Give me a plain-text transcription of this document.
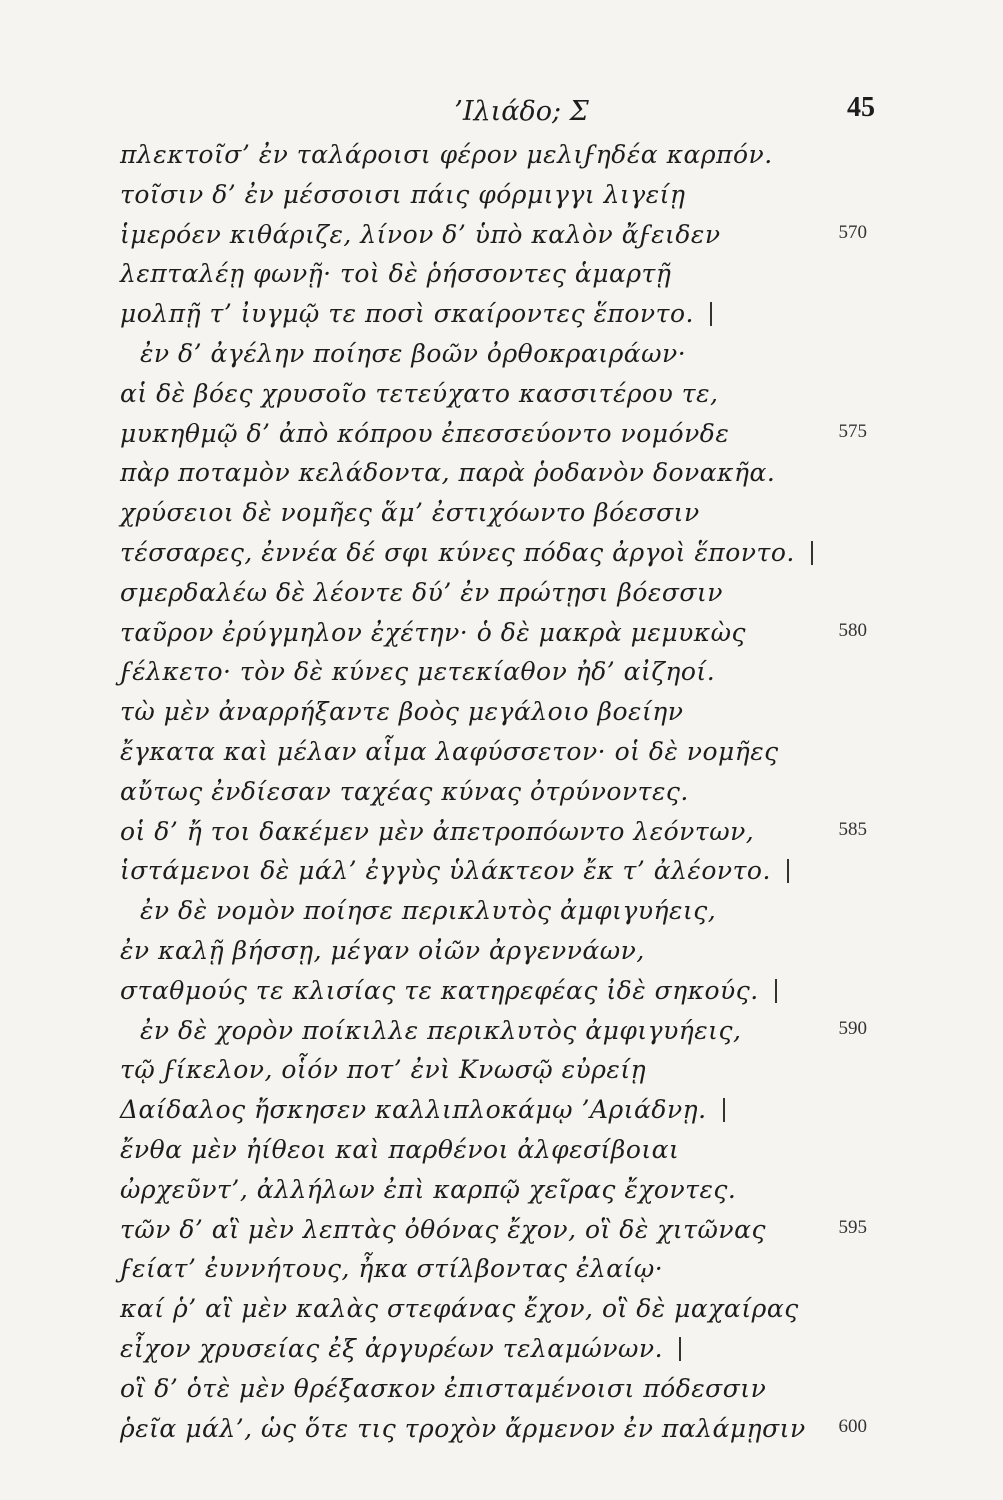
’Ιλιάδο; Σ	45
πλεκτοῖσ’ ἐν ταλάροισι φέρον μελιϝηδέα καρπόν.
τοῖσιν δ’ ἐν μέσσοισι πάις φόρμιγγι λιγείῃ
ἱμερόεν κιθάριζε, λίνον δ’ ὑπὸ καλὸν ἄϝειδεν	570
λεπταλέῃ φωνῇ· τοὶ δὲ ῥήσσοντες ἁμαρτῇ
μολπῇ τ’ ἰυγμῷ τε ποσὶ σκαίροντες ἕποντο.
ἐν δ’ ἀγέλην ποίησε βοῶν ὀρθοκραιράων·
αἱ δὲ βόες χρυσοῖο τετεύχατο κασσιτέρου τε,
μυκηθμῷ δ’ ἀπὸ κόπρου ἐπεσσεύοντο νομόνδε	575
πὰρ ποταμὸν κελάδοντα, παρὰ ῥοδανὸν δονακῆα.
χρύσειοι δὲ νομῆες ἅμ’ ἐστιχόωντο βόεσσιν
τέσσαρες, ἐννέα δέ σφι κύνες πόδας ἀργοὶ ἕποντο.
σμερδαλέω δὲ λέοντε δύ’ ἐν πρώτῃσι βόεσσιν
ταῦρον ἐρύγμηλον ἐχέτην· ὁ δὲ μακρὰ μεμυκὼς	580
ϝέλκετο· τὸν δὲ κύνες μετεκίαθον ἠδ’ αἰζηοί.
τὼ μὲν ἀναρρήξαντε βοὸς μεγάλοιο βοείην
ἔγκατα καὶ μέλαν αἷμα λαφύσσετον· οἱ δὲ νομῆες
αὔτως ἐνδίεσαν ταχέας κύνας ὀτρύνοντες.
οἱ δ’ ἤ τοι δακέμεν μὲν ἀπετροπόωντο λεόντων,	585
ἱστάμενοι δὲ μάλ’ ἐγγὺς ὑλάκτεον ἔκ τ’ ἀλέοντο.
ἐν δὲ νομὸν ποίησε περικλυτὸς ἀμφιγυήεις,
ἐν καλῇ βήσσῃ, μέγαν οἰῶν ἀργεννάων,
σταθμούς τε κλισίας τε κατηρεφέας ἰδὲ σηκούς.
ἐν δὲ χορὸν ποίκιλλε περικλυτὸς ἀμφιγυήεις,	590
τῷ ϝίκελον, οἷόν ποτ’ ἐνὶ Κνωσῷ εὐρείῃ
Δαίδαλος ἤσκησεν καλλιπλοκάμῳ ’Αριάδνῃ.
ἔνθα μὲν ἠίθεοι καὶ παρθένοι ἀλφεσίβοιαι
ὠρχεῦντ’, ἀλλήλων ἐπὶ καρπῷ χεῖρας ἔχοντες.
τῶν δ’ αἳ μὲν λεπτὰς ὀθόνας ἔχον, οἳ δὲ χιτῶνας	595
ϝείατ’ ἐυννήτους, ἦκα στίλβοντας ἐλαίῳ·
καί ῥ’ αἳ μὲν καλὰς στεφάνας ἔχον, οἳ δὲ μαχαίρας
εἶχον χρυσείας ἐξ ἀργυρέων τελαμώνων.
οἳ δ’ ὁτὲ μὲν θρέξασκον ἐπισταμένοισι πόδεσσιν
ῥεῖα μάλ’, ὡς ὅτε τις τροχὸν ἄρμενον ἐν παλάμῃσιν	600
